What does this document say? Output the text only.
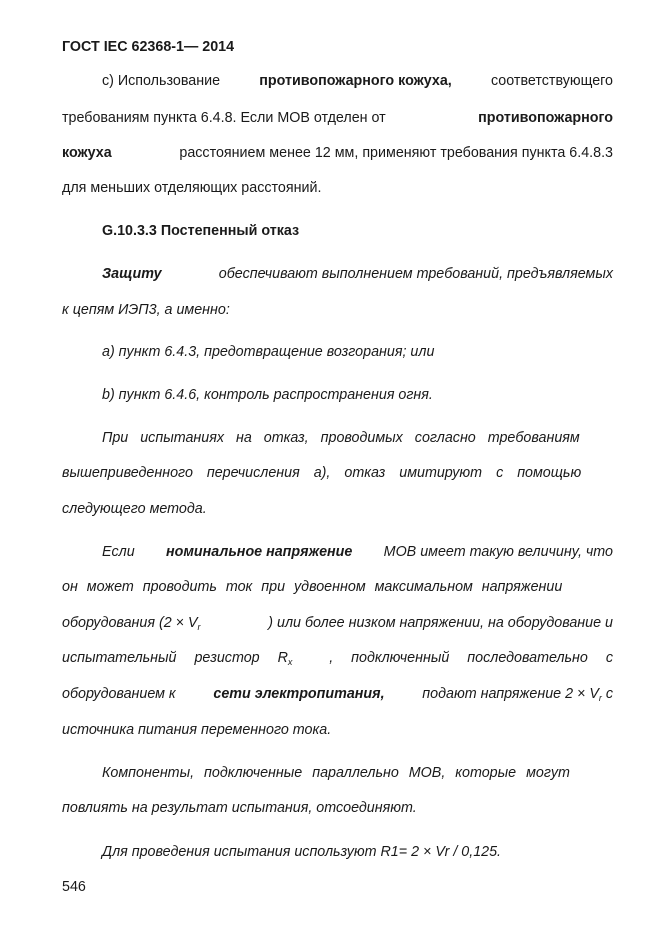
ГОСТ IEC 62368-1— 2014
c) Использование	противопожарного кожуха,	соответствующего
требованиям пункта 6.4.8. Если МОВ отделен от	противопожарного
кожуха	расстоянием менее 12 мм, применяют требования пункта 6.4.8.3
для меньших отделяющих расстояний.
G.10.3.3 Постепенный отказ
Защиту	обеспечивают выполнением требований, предъявляемых
к цепям ИЭП3, а именно:
а) пункт 6.4.3, предотвращение возгорания; или
b) пункт 6.4.6, контроль распространения огня.
При испытаниях на отказ, проводимых согласно требованиям
вышеприведенного перечисления а), отказ имитируют с помощью
следующего метода.
Если номинальное напряжение МОВ имеет такую величину, что
он может проводить ток при удвоенном максимальном напряжении
оборудования ($2 \times V_r$	) или более низком напряжении, на оборудование и
испытательный резистор $R_x$	, подключенный последовательно с
оборудованием к	сети электропитания,	подают напряжение $2 \times V_r$ с
источника питания переменного тока.
Компоненты, подключенные параллельно МОВ, которые могут
повлиять на результат испытания, отсоединяют.
Для проведения испытания используют R1= 2 × Vr / 0,125.
546
